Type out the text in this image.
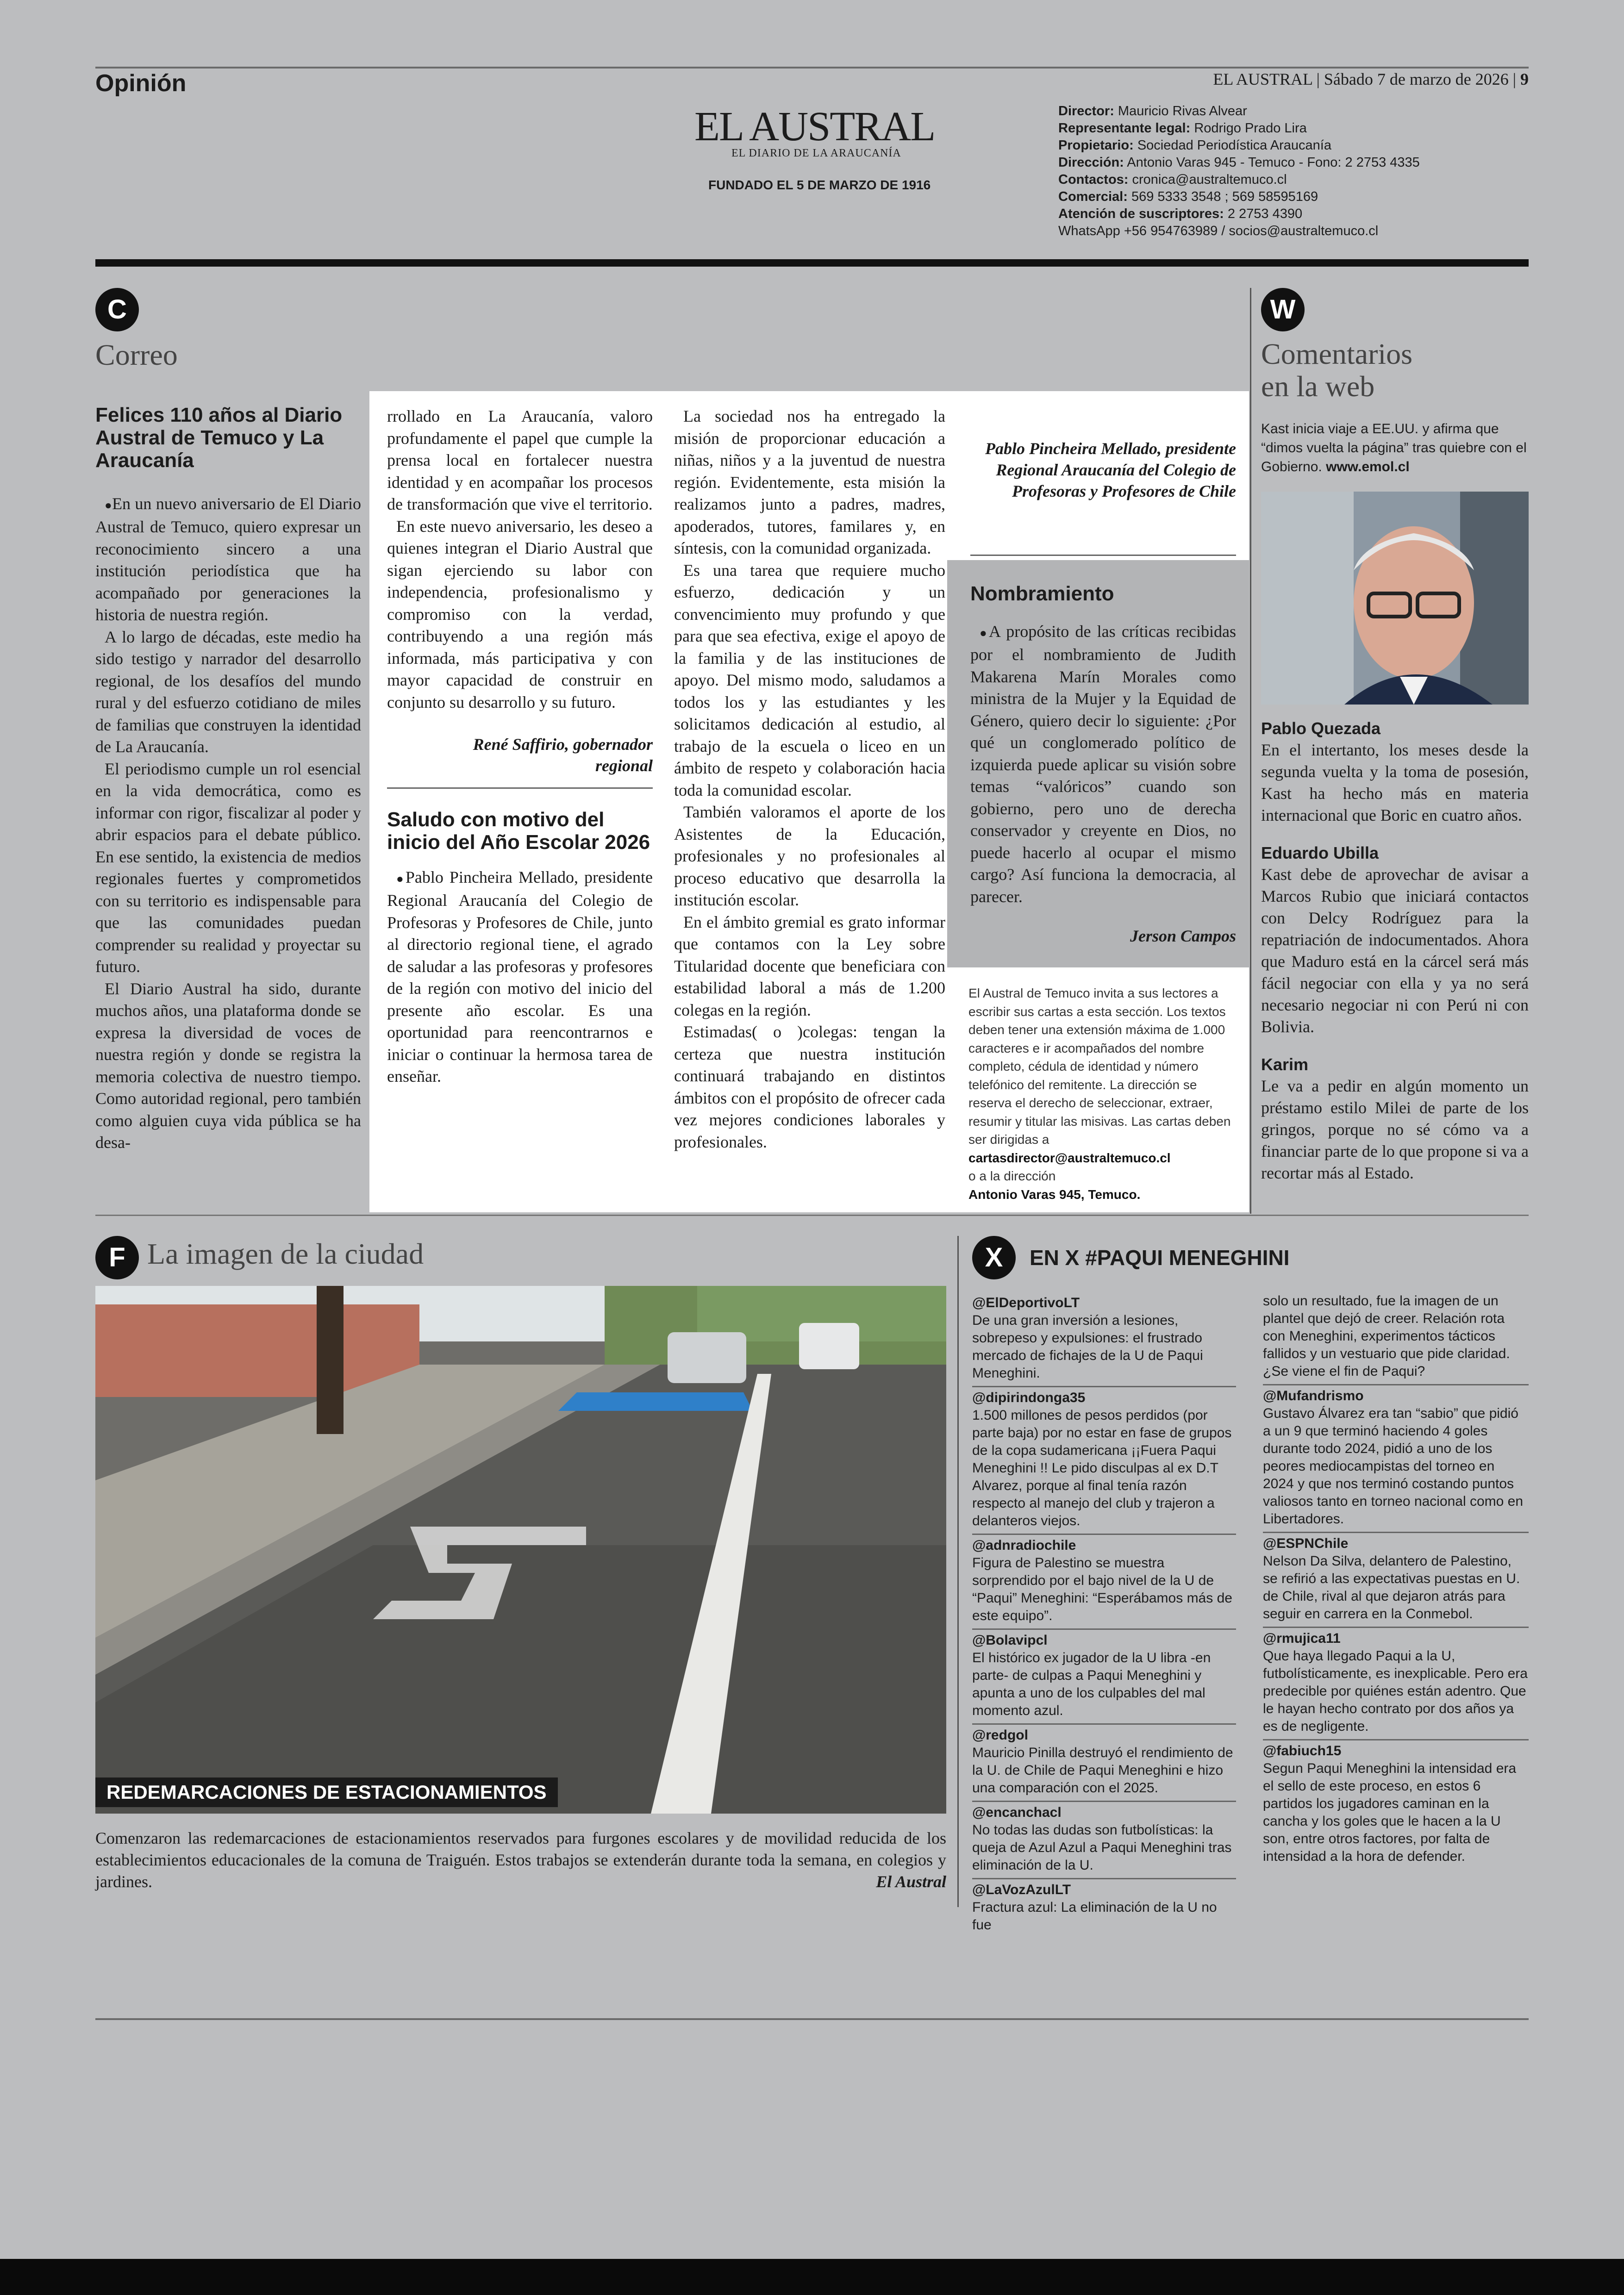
Opinión	EL AUSTRAL | Sábado 7 de marzo de 2026 | 9
EL AUSTRAL
EL DIARIO DE LA ARAUCANÍA
FUNDADO EL 5 DE MARZO DE 1916
Director: Mauricio Rivas Alvear
Representante legal: Rodrigo Prado Lira
Propietario: Sociedad Periodística Araucanía
Dirección: Antonio Varas 945 - Temuco - Fono: 2 2753 4335
Contactos: cronica@australtemuco.cl
Comercial: 569 5333 3548 ; 569 58595169
Atención de suscriptores: 2 2753 4390
WhatsApp +56 954763989 / socios@australtemuco.cl
C
Correo
Felices 110 años al Diario Austral de Temuco y La Araucanía

● En un nuevo aniversario de El Diario Austral de Temuco, quiero expresar un reconocimiento sincero a una institución periodística que ha acompañado por generaciones la historia de nuestra región.

A lo largo de décadas, este medio ha sido testigo y narrador del desarrollo regional, de los desafíos del mundo rural y del esfuerzo cotidiano de miles de familias que construyen la identidad de La Araucanía.

El periodismo cumple un rol esencial en la vida democrática, como es informar con rigor, fiscalizar al poder y abrir espacios para el debate público. En ese sentido, la existencia de medios regionales fuertes y comprometidos con su territorio es indispensable para que las comunidades puedan comprender su realidad y proyectar su futuro.

El Diario Austral ha sido, durante muchos años, una plataforma donde se expresa la diversidad de voces de nuestra región y donde se registra la memoria colectiva de nuestro tiempo. Como autoridad regional, pero también como alguien cuya vida pública se ha desa-

rrollado en La Araucanía, valoro profundamente el papel que cumple la prensa local en fortalecer nuestra identidad y en acompañar los procesos de transformación que vive el territorio.

En este nuevo aniversario, les deseo a quienes integran el Diario Austral que sigan ejerciendo su labor con independencia, profesionalismo y compromiso con la verdad, contribuyendo a una región más informada, más participativa y con mayor capacidad de construir en conjunto su desarrollo y su futuro.

René Saffirio, gobernador regional
Saludo con motivo del inicio del Año Escolar 2026

● Pablo Pincheira Mellado, presidente Regional Araucanía del Colegio de Profesoras y Profesores de Chile, junto al directorio regional tiene, el agrado de saludar a las profesoras y profesores de la región con motivo del inicio del presente año escolar. Es una oportunidad para reencontrarnos e iniciar o continuar la hermosa tarea de enseñar.

La sociedad nos ha entregado la misión de proporcionar educación a niñas, niños y a la juventud de nuestra región. Evidentemente, esta misión la realizamos junto a padres, madres, apoderados, tutores, familares y, en síntesis, con la comunidad organizada.

Es una tarea que requiere mucho esfuerzo, dedicación y un convencimiento muy profundo y que para que sea efectiva, exige el apoyo de la familia y de las instituciones de apoyo. Del mismo modo, saludamos a todos los y las estudiantes y les solicitamos dedicación al estudio, al trabajo de la escuela o liceo en un ámbito de respeto y colaboración hacia toda la comunidad escolar.

También valoramos el aporte de los Asistentes de la Educación, profesionales y no profesionales al proceso educativo que desarrolla la institución escolar.

En el ámbito gremial es grato informar que contamos con la Ley sobre Titularidad docente que beneficiara con estabilidad laboral a más de 1.200 colegas en la región.

Estimadas( o )colegas: tengan la certeza que nuestra institución continuará trabajando en distintos ámbitos con el propósito de ofrecer cada vez mejores condiciones laborales y profesionales.

Pablo Pincheira Mellado, presidente Regional Araucanía del Colegio de Profesoras y Profesores de Chile
Nombramiento

● A propósito de las críticas recibidas por el nombramiento de Judith Makarena Marín Morales como ministra de la Mujer y la Equidad de Género, quiero decir lo siguiente: ¿Por qué un conglomerado político de izquierda puede aplicar su visión sobre temas “valóricos” cuando son gobierno, pero uno de derecha conservador y creyente en Dios, no puede hacerlo al ocupar el mismo cargo? Así funciona la democracia, al parecer.

Jerson Campos
El Austral de Temuco invita a sus lectores a escribir sus cartas a esta sección. Los textos deben tener una extensión máxima de 1.000 caracteres e ir acompañados del nombre completo, cédula de identidad y número telefónico del remitente. La dirección se reserva el derecho de seleccionar, extraer, resumir y titular las misivas. Las cartas deben ser dirigidas a
cartasdirector@australtemuco.cl
o a la dirección
Antonio Varas 945, Temuco.
W
Comentarios
en la web
Kast inicia viaje a EE.UU. y afirma que “dimos vuelta la página” tras quiebre con el Gobierno. www.emol.cl
Pablo Quezada
En el intertanto, los meses desde la segunda vuelta y la toma de posesión, Kast ha hecho más en materia internacional que Boric en cuatro años.
Eduardo Ubilla
Kast debe de aprovechar de avisar a Marcos Rubio que iniciará contactos con Delcy Rodríguez para la repatriación de indocumentados. Ahora que Maduro está en la cárcel será más fácil negociar con ella y ya no será necesario negociar ni con Perú ni con Bolivia.
Karim
Le va a pedir en algún momento un préstamo estilo Milei de parte de los gringos, porque no sé cómo va a financiar parte de lo que propone si va a recortar más al Estado.
F La imagen de la ciudad
REDEMARCACIONES DE ESTACIONAMIENTOS
Comenzaron las redemarcaciones de estacionamientos reservados para furgones escolares y de movilidad reducida de los establecimientos educacionales de la comuna de Traiguén. Estos trabajos se extenderán durante toda la semana, en colegios y jardines.	El Austral
X	EN X #PAQUI MENEGHINI
@ElDeportivoLT
De una gran inversión a lesiones, sobrepeso y expulsiones: el frustrado mercado de fichajes de la U de Paqui Meneghini.
@dipirindonga35
1.500 millones de pesos perdidos (por parte baja) por no estar en fase de grupos de la copa sudamericana ¡¡Fuera Paqui Meneghini !! Le pido disculpas al ex D.T Alvarez, porque al final tenía razón respecto al manejo del club y trajeron a delanteros viejos.
@adnradiochile
Figura de Palestino se muestra sorprendido por el bajo nivel de la U de “Paqui” Meneghini: “Esperábamos más de este equipo”.
@Bolavipcl
El histórico ex jugador de la U libra -en parte- de culpas a Paqui Meneghini y apunta a uno de los culpables del mal momento azul.
@redgol
Mauricio Pinilla destruyó el rendimiento de la U. de Chile de Paqui Meneghini e hizo una comparación con el 2025.
@encanchacl
No todas las dudas son futbolísticas: la queja de Azul Azul a Paqui Meneghini tras eliminación de la U.
@LaVozAzulLT
Fractura azul: La eliminación de la U no fue
solo un resultado, fue la imagen de un plantel que dejó de creer. Relación rota con Meneghini, experimentos tácticos fallidos y un vestuario que pide claridad. ¿Se viene el fin de Paqui?
@Mufandrismo
Gustavo Álvarez era tan “sabio” que pidió a un 9 que terminó haciendo 4 goles durante todo 2024, pidió a uno de los peores mediocampistas del torneo en 2024 y que nos terminó costando puntos valiosos tanto en torneo nacional como en Libertadores.
@ESPNChile
Nelson Da Silva, delantero de Palestino, se refirió a las expectativas puestas en U. de Chile, rival al que dejaron atrás para seguir en carrera en la Conmebol.
@rmujica11
Que haya llegado Paqui a la U, futbolísticamente, es inexplicable. Pero era predecible por quiénes están adentro. Que le hayan hecho contrato por dos años ya es de negligente.
@fabiuch15
Segun Paqui Meneghini la intensidad era el sello de este proceso, en estos 6 partidos los jugadores caminan en la cancha y los goles que le hacen a la U son, entre otros factores, por falta de intensidad a la hora de defender.
